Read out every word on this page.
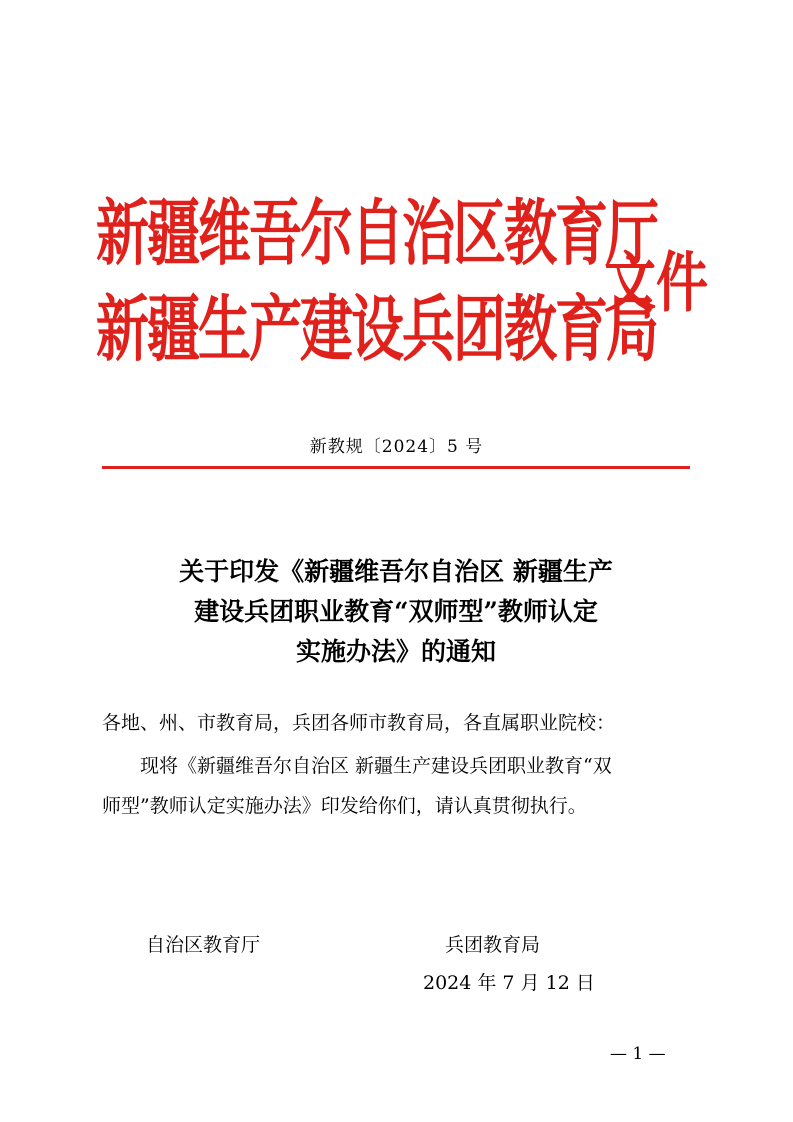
新疆维吾尔自治区教育厅
新疆生产建设兵团教育局
文件
新教规〔2024〕5 号
关于印发《新疆维吾尔自治区 新疆生产
建设兵团职业教育“双师型”教师认定
实施办法》的通知
各地、州、市教育局，兵团各师市教育局，各直属职业院校：
现将《新疆维吾尔自治区 新疆生产建设兵团职业教育“双
师型”教师认定实施办法》印发给你们，请认真贯彻执行。
自治区教育厅	兵团教育局
2024 年 7 月 12 日
— 1 —
